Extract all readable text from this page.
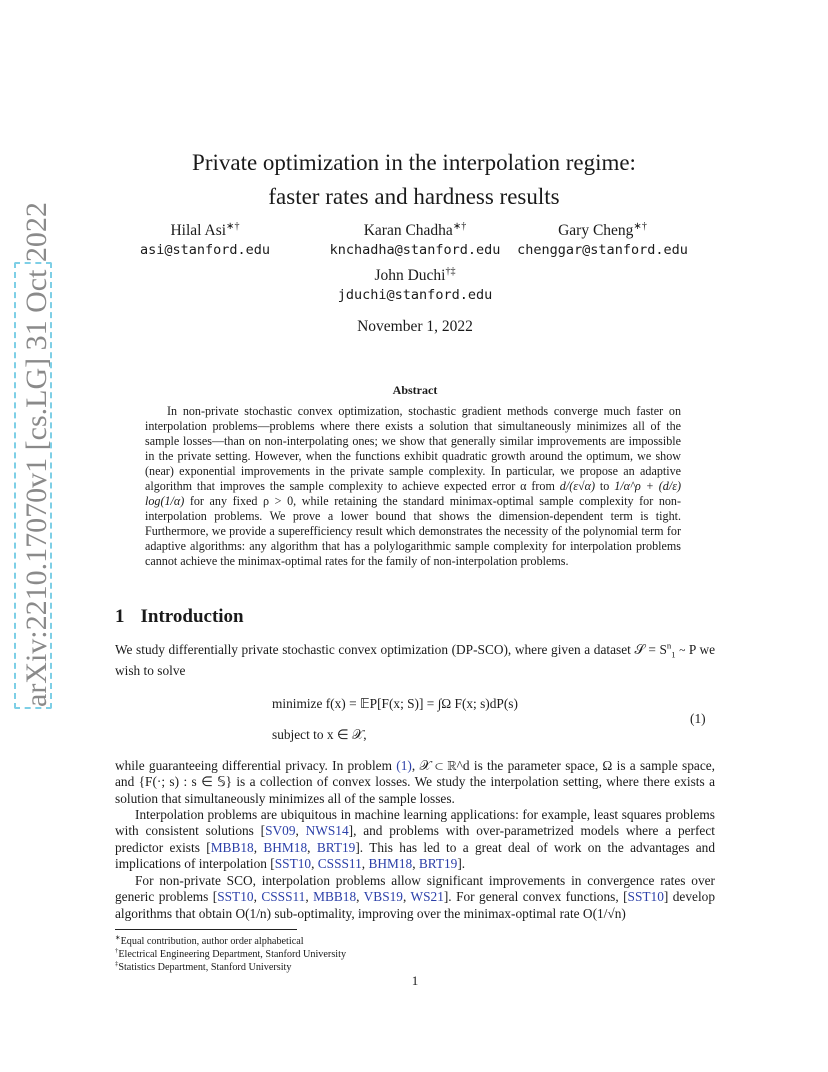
arXiv:2210.17070v1 [cs.LG] 31 Oct 2022
Private optimization in the interpolation regime:
faster rates and hardness results
Hilal Asi∗†
asi@stanford.edu
Karan Chadha∗†
knchadha@stanford.edu
Gary Cheng∗†
chenggar@stanford.edu
John Duchi†‡
jduchi@stanford.edu
November 1, 2022
Abstract
In non-private stochastic convex optimization, stochastic gradient methods converge much faster on interpolation problems—problems where there exists a solution that simultaneously minimizes all of the sample losses—than on non-interpolating ones; we show that generally similar improvements are impossible in the private setting. However, when the functions exhibit quadratic growth around the optimum, we show (near) exponential improvements in the private sample complexity. In particular, we propose an adaptive algorithm that improves the sample complexity to achieve expected error α from d/(ε√α) to 1/α^ρ + (d/ε) log(1/α) for any fixed ρ > 0, while retaining the standard minimax-optimal sample complexity for non-interpolation problems. We prove a lower bound that shows the dimension-dependent term is tight. Furthermore, we provide a superefficiency result which demonstrates the necessity of the polynomial term for adaptive algorithms: any algorithm that has a polylogarithmic sample complexity for interpolation problems cannot achieve the minimax-optimal rates for the family of non-interpolation problems.
1 Introduction
We study differentially private stochastic convex optimization (DP-SCO), where given a dataset 𝒮 = $S^n_1$ ~ P we wish to solve
minimize f(x) = 𝔼P[F(x; S)] = ∫Ω F(x; s)dP(s)
subject to x ∈ 𝒳,
(1)
while guaranteeing differential privacy. In problem (1), 𝒳 ⊂ ℝ^d is the parameter space, Ω is a sample space, and {F(·; s) : s ∈ 𝕊} is a collection of convex losses. We study the interpolation setting, where there exists a solution that simultaneously minimizes all of the sample losses.
Interpolation problems are ubiquitous in machine learning applications: for example, least squares problems with consistent solutions [SV09, NWS14], and problems with over-parametrized models where a perfect predictor exists [MBB18, BHM18, BRT19]. This has led to a great deal of work on the advantages and implications of interpolation [SST10, CSSS11, BHM18, BRT19].
For non-private SCO, interpolation problems allow significant improvements in convergence rates over generic problems [SST10, CSSS11, MBB18, VBS19, WS21]. For general convex functions, [SST10] develop algorithms that obtain O(1/n) sub-optimality, improving over the minimax-optimal rate O(1/√n)
∗Equal contribution, author order alphabetical
†Electrical Engineering Department, Stanford University
‡Statistics Department, Stanford University
1
